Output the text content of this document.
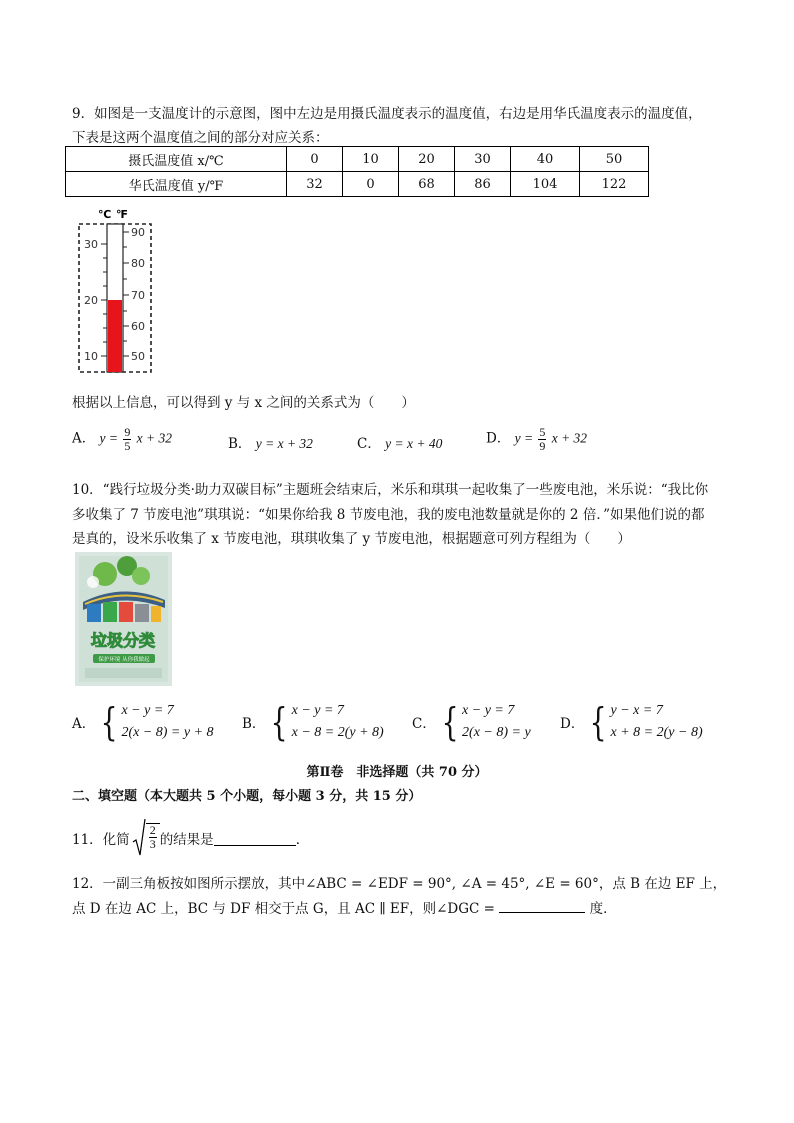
9．如图是一支温度计的示意图，图中左边是用摄氏温度表示的温度值，右边是用华氏温度表示的温度值，
下表是这两个温度值之间的部分对应关系：
摄氏温度值 x/℃	0	10	20	30	40	50
华氏温度值 y/℉	32	0	68	86	104	122
℃ ℉
30
20
10
90
80
70
60
50
根据以上信息，可以得到 y 与 x 之间的关系式为（　　）
A． $y = \frac{9}{5}$ x + 32	B． y = x + 32	C． y = x + 40	D． $y = \frac{5}{9}$ x + 32
10．“践行垃圾分类·助力双碳目标”主题班会结束后，米乐和琪琪一起收集了一些废电池，米乐说：“我比你
多收集了 7 节废电池”琪琪说：“如果你给我 8 节废电池，我的废电池数量就是你的 2 倍．”如果他们说的都
是真的，设米乐收集了 x 节废电池，琪琪收集了 y 节废电池，根据题意可列方程组为（　　）
垃圾分类
保护环境 从你我做起
A． { x − y = 7
2(x − 8) = y + 8
B． { x − y = 7
x − 8 = 2(y + 8)
C． { x − y = 7
2(x − 8) = y
D． { y − x = 7
x + 8 = 2(y − 8)
第Ⅱ卷　非选择题（共 70 分）
二、填空题（本大题共 5 个小题，每小题 3 分，共 15 分）
11．化简 $\frac{2}{3}$ 的结果是	．
12．一副三角板按如图所示摆放，其中∠ABC = ∠EDF = 90°, ∠A = 45°, ∠E = 60°，点 B 在边 EF 上，
点 D 在边 AC 上，BC 与 DF 相交于点 G，且 AC ∥ EF，则∠DGC =	度．
